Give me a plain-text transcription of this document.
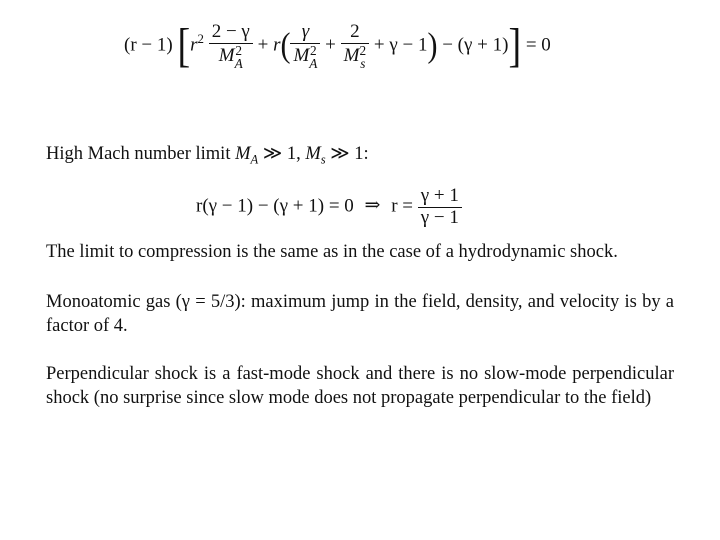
(r − 1) [$r^2$ 2 − γ
M 2
A + r( γ
M 2
A + 2
M 2
s + γ − 1) − (γ + 1)] = 0
High Mach number limit $M_A$ ≫ 1, $M_s$ ≫ 1:
r(γ − 1) − (γ + 1) = 0 ⇒ $r = \frac{\gamma + 1}{\gamma - 1}$
The limit to compression is the same as in the case of a hydrodynamic shock.
Monoatomic gas (γ = 5/3): maximum jump in the field, density, and velocity is by a factor of 4.
Perpendicular shock is a fast-mode shock and there is no slow-mode perpendicular shock (no surprise since slow mode does not propagate perpendicular to the field)
